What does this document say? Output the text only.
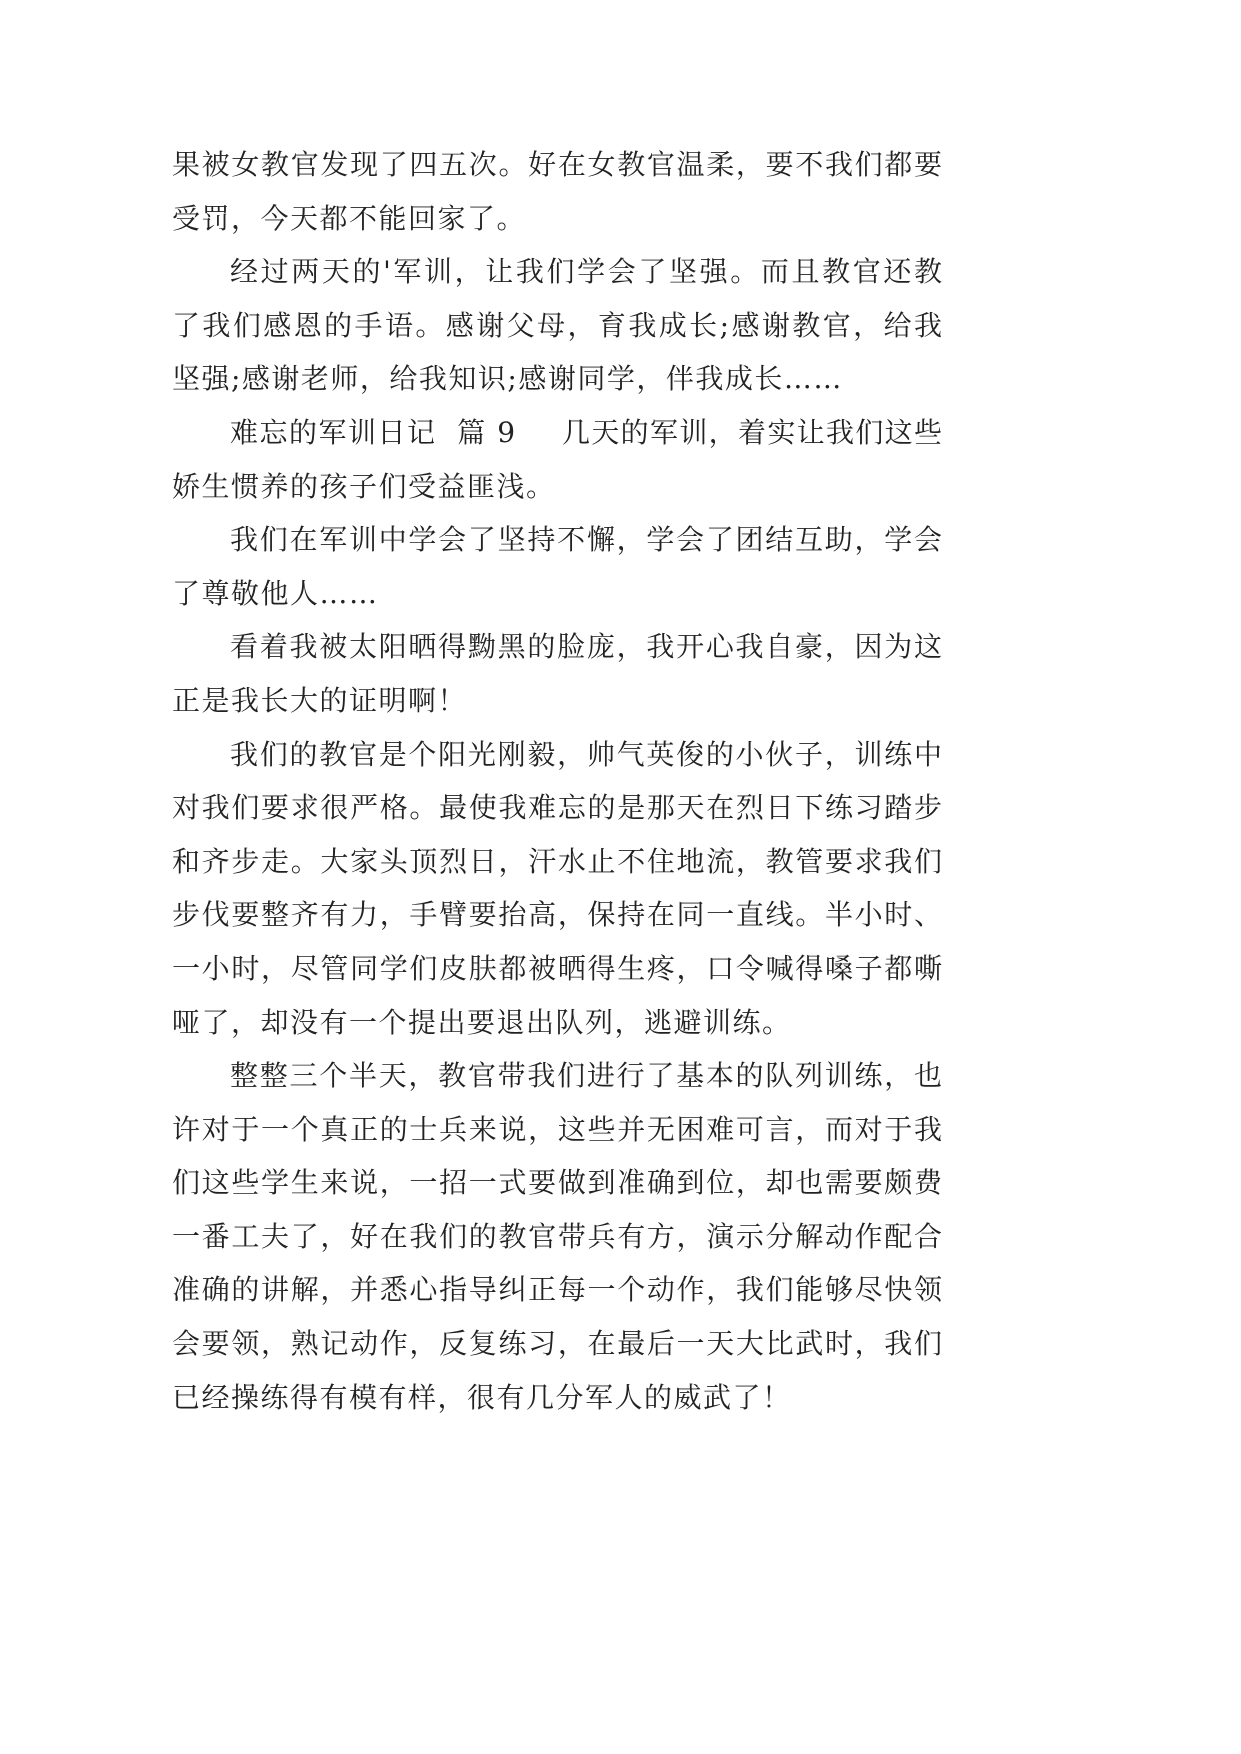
果被女教官发现了四五次。好在女教官温柔，要不我们都要
受罚，今天都不能回家了。
经过两天的'军训，让我们学会了坚强。而且教官还教
了我们感恩的手语。感谢父母，育我成长;感谢教官，给我
坚强;感谢老师，给我知识;感谢同学，伴我成长……
难忘的军训日记  篇 9 几天的军训，着实让我们这些
娇生惯养的孩子们受益匪浅。
我们在军训中学会了坚持不懈，学会了团结互助，学会
了尊敬他人……
看着我被太阳晒得黝黑的脸庞，我开心我自豪，因为这
正是我长大的证明啊！
我们的教官是个阳光刚毅，帅气英俊的小伙子，训练中
对我们要求很严格。最使我难忘的是那天在烈日下练习踏步
和齐步走。大家头顶烈日，汗水止不住地流，教管要求我们
步伐要整齐有力，手臂要抬高，保持在同一直线。半小时、
一小时，尽管同学们皮肤都被晒得生疼，口令喊得嗓子都嘶
哑了，却没有一个提出要退出队列，逃避训练。
整整三个半天，教官带我们进行了基本的队列训练，也
许对于一个真正的士兵来说，这些并无困难可言，而对于我
们这些学生来说，一招一式要做到准确到位，却也需要颇费
一番工夫了，好在我们的教官带兵有方，演示分解动作配合
准确的讲解，并悉心指导纠正每一个动作，我们能够尽快领
会要领，熟记动作，反复练习，在最后一天大比武时，我们
已经操练得有模有样，很有几分军人的威武了！
